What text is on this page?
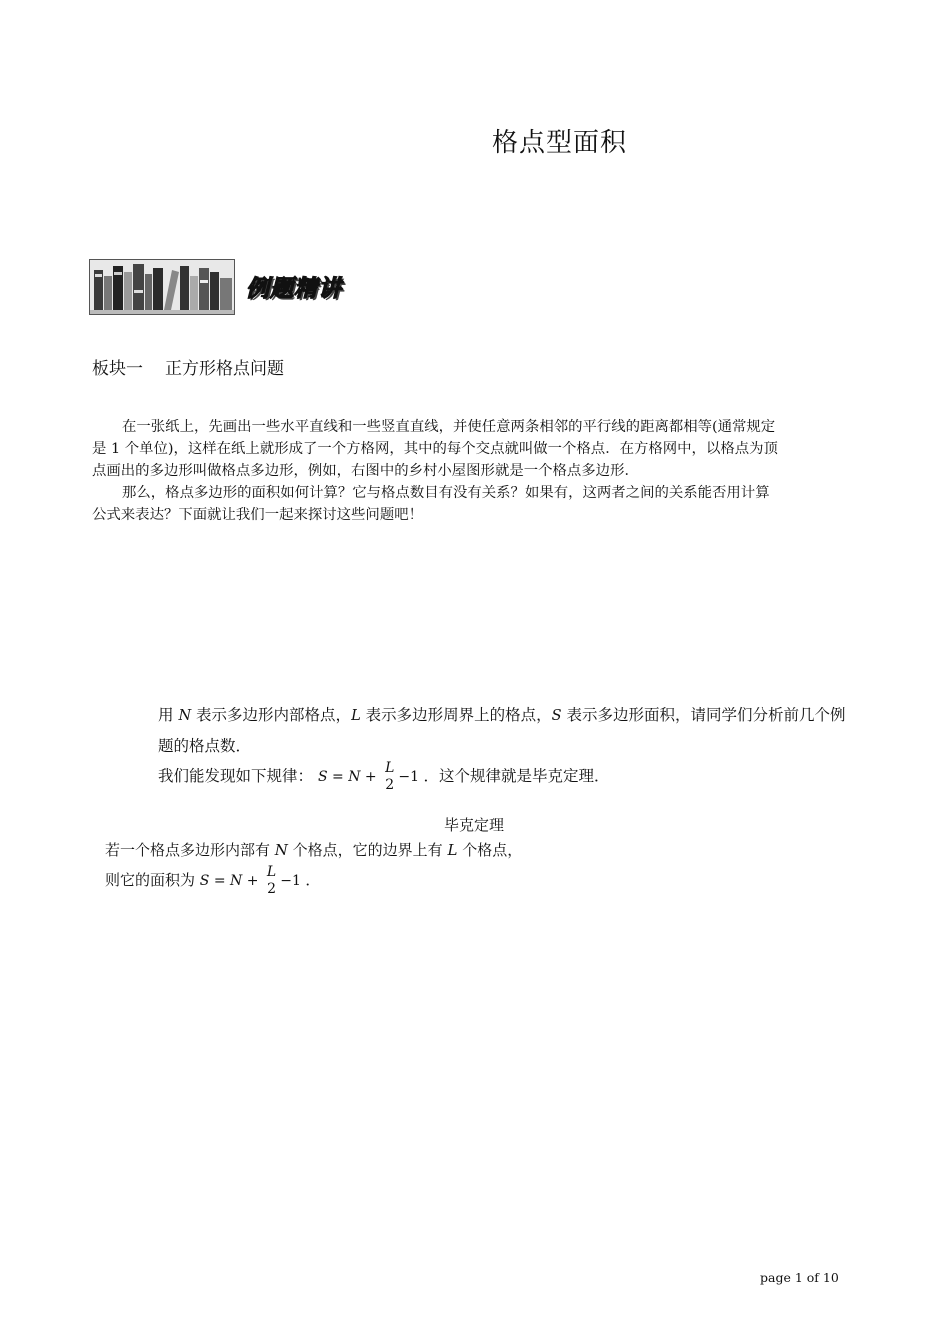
格点型面积
例题精讲
板块一 正方形格点问题
在一张纸上，先画出一些水平直线和一些竖直直线，并使任意两条相邻的平行线的距离都相等(通常规定
是 1 个单位)，这样在纸上就形成了一个方格网，其中的每个交点就叫做一个格点．在方格网中，以格点为顶
点画出的多边形叫做格点多边形，例如，右图中的乡村小屋图形就是一个格点多边形．
那么，格点多边形的面积如何计算？它与格点数目有没有关系？如果有，这两者之间的关系能否用计算
公式来表达？下面就让我们一起来探讨这些问题吧！
用 N 表示多边形内部格点，L 表示多边形周界上的格点，S 表示多边形面积，请同学们分析前几个例
题的格点数．
我们能发现如下规律： S = N +
L
2 −1 ．这个规律就是毕克定理．
毕克定理
若一个格点多边形内部有 N 个格点，它的边界上有 L 个格点，
则它的面积为 S = N +
L
2 −1 ．
page 1 of 10
